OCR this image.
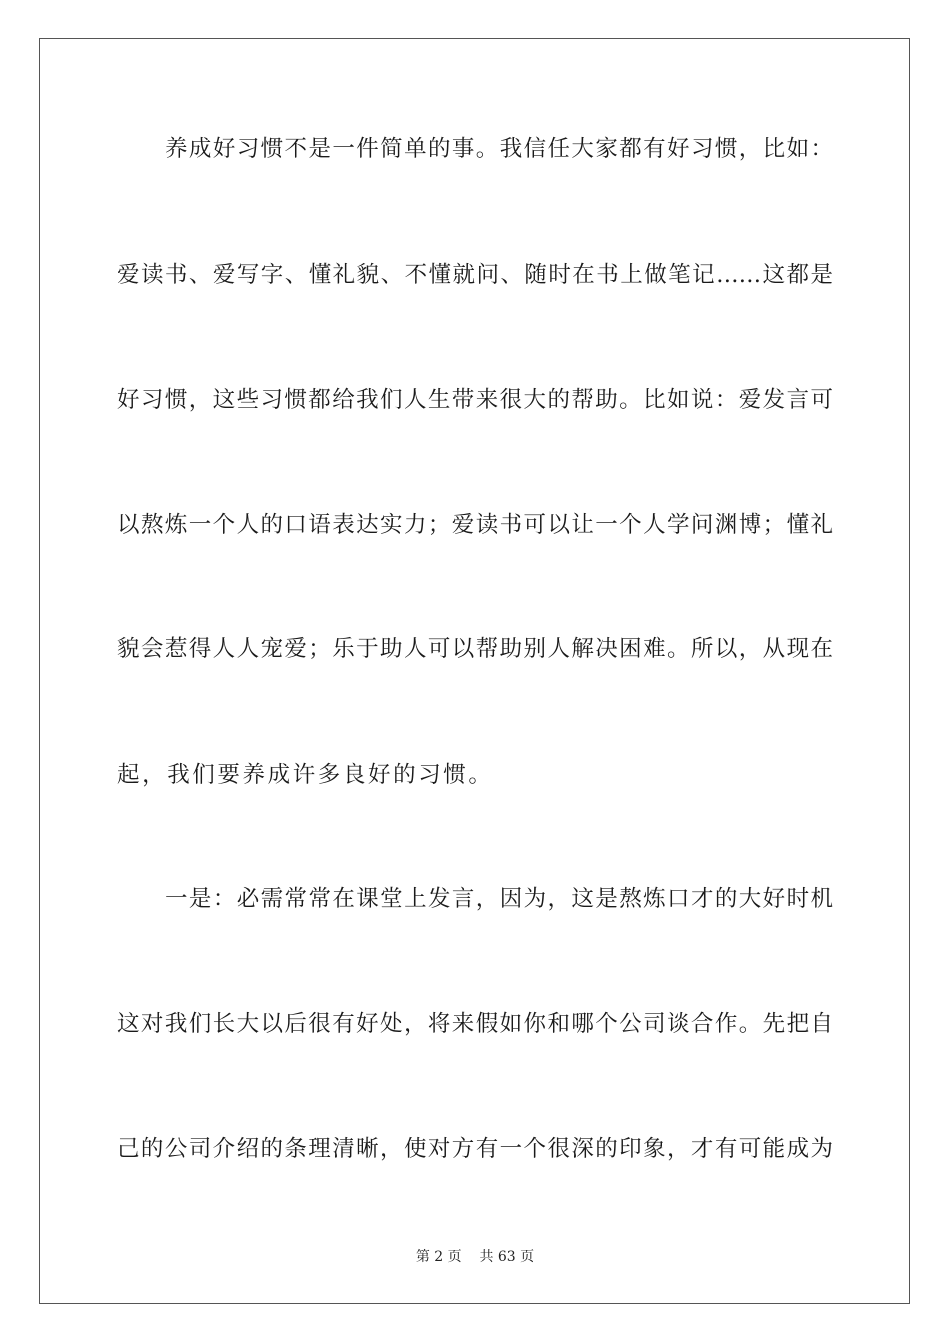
养成好习惯不是一件简单的事。我信任大家都有好习惯，比如：
爱读书、爱写字、懂礼貌、不懂就问、随时在书上做笔记……这都是
好习惯，这些习惯都给我们人生带来很大的帮助。比如说：爱发言可
以熬炼一个人的口语表达实力；爱读书可以让一个人学问渊博；懂礼
貌会惹得人人宠爱；乐于助人可以帮助别人解决困难。所以，从现在
起，我们要养成许多良好的习惯。
一是：必需常常在课堂上发言，因为，这是熬炼口才的大好时机
这对我们长大以后很有好处，将来假如你和哪个公司谈合作。先把自
己的公司介绍的条理清晰，使对方有一个很深的印象，才有可能成为
第 2 页 共 63 页
